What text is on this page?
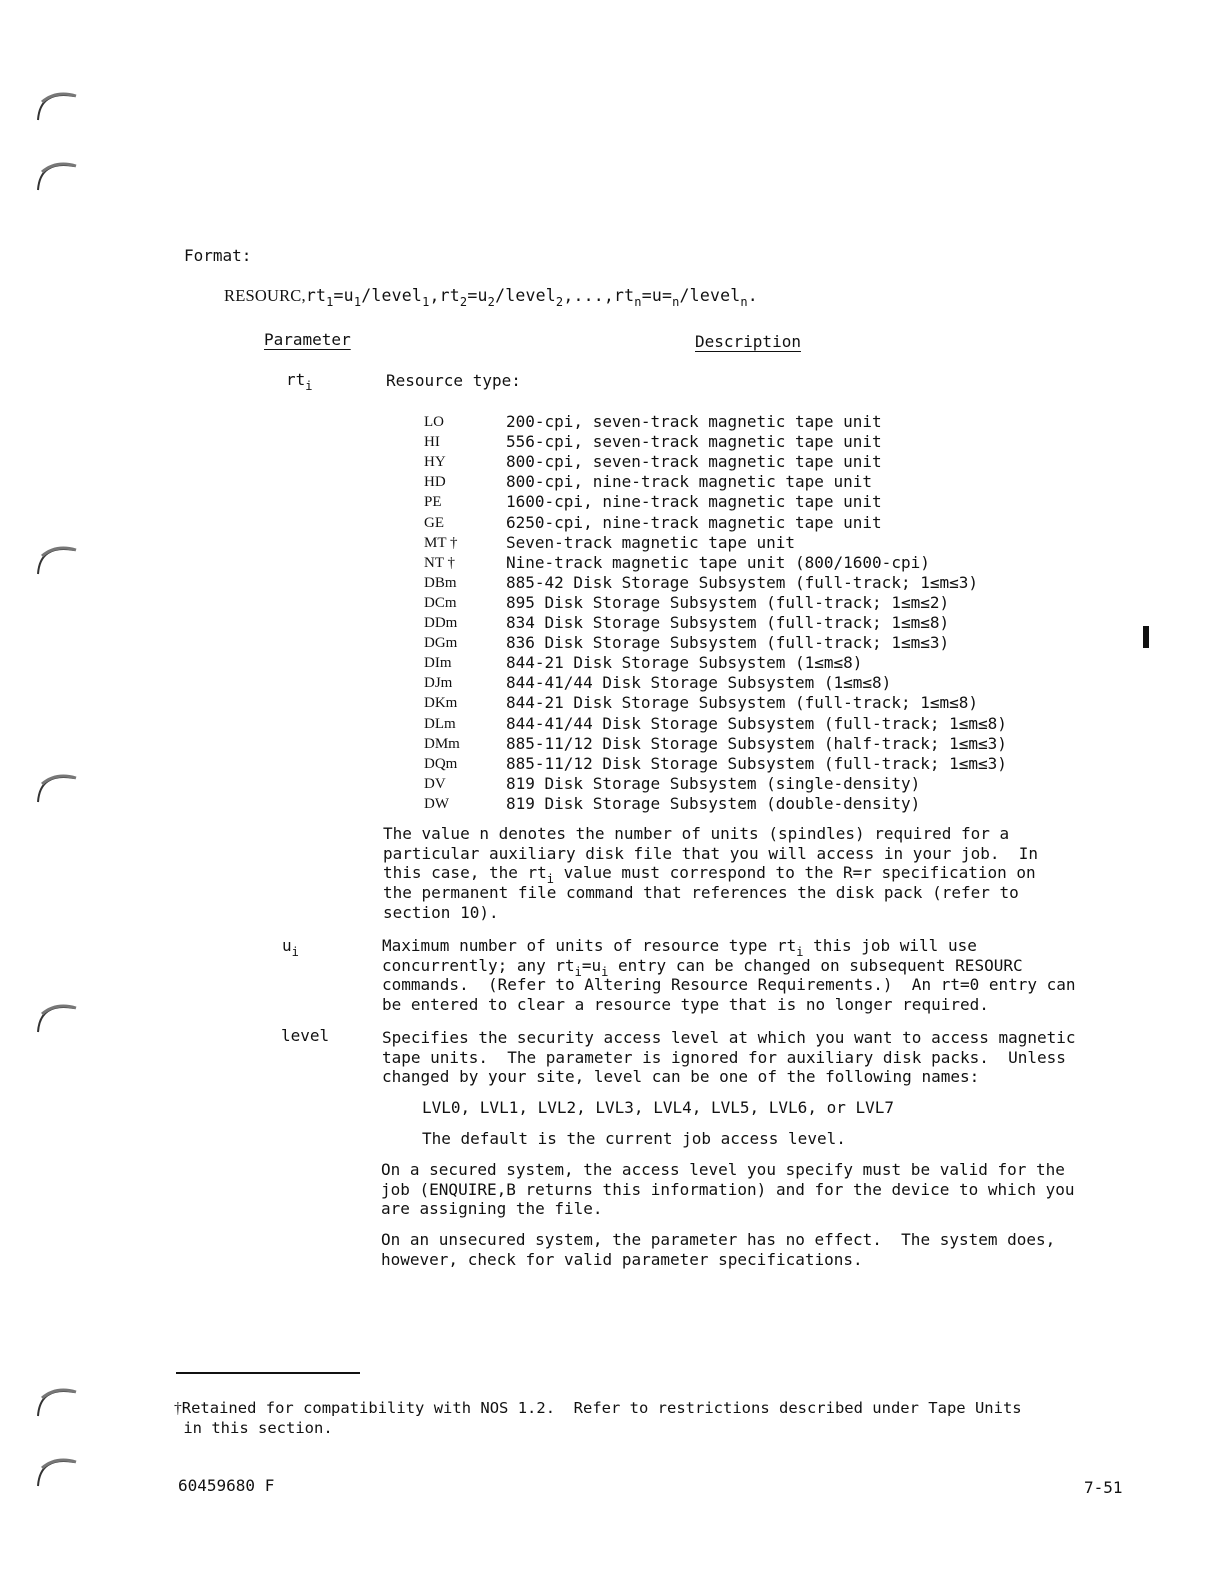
Format:
$RESOURC,rt_1=u_1/level_1,rt_2=u_2/level_2,...,rt_n=u=_n/level_n$.
Parameter	Description
$rt_i$	Resource type:
LO	200-cpi, seven-track magnetic tape unit
HI	556-cpi, seven-track magnetic tape unit
HY	800-cpi, seven-track magnetic tape unit
HD	800-cpi, nine-track magnetic tape unit
PE	1600-cpi, nine-track magnetic tape unit
GE	6250-cpi, nine-track magnetic tape unit
MT †	Seven-track magnetic tape unit
NT †	Nine-track magnetic tape unit (800/1600-cpi)
DBm	885-42 Disk Storage Subsystem (full-track; 1≤m≤3)
DCm	895 Disk Storage Subsystem (full-track; 1≤m≤2)
DDm	834 Disk Storage Subsystem (full-track; 1≤m≤8)
DGm	836 Disk Storage Subsystem (full-track; 1≤m≤3)
DIm	844-21 Disk Storage Subsystem (1≤m≤8)
DJm	844-41/44 Disk Storage Subsystem (1≤m≤8)
DKm	844-21 Disk Storage Subsystem (full-track; 1≤m≤8)
DLm	844-41/44 Disk Storage Subsystem (full-track; 1≤m≤8)
DMm	885-11/12 Disk Storage Subsystem (half-track; 1≤m≤3)
DQm	885-11/12 Disk Storage Subsystem (full-track; 1≤m≤3)
DV	819 Disk Storage Subsystem (single-density)
DW	819 Disk Storage Subsystem (double-density)
The value n denotes the number of units (spindles) required for a
particular auxiliary disk file that you will access in your job.  In
this case, the $rt_i$ value must correspond to the R=r specification on
the permanent file command that references the disk pack (refer to
section 10).
$u_i$	Maximum number of units of resource type $rt_i$ this job will use
concurrently; any $rt_i=u_i$ entry can be changed on subsequent RESOURC
commands.  (Refer to Altering Resource Requirements.)  An rt=0 entry can
be entered to clear a resource type that is no longer required.
level	Specifies the security access level at which you want to access magnetic
tape units.  The parameter is ignored for auxiliary disk packs.  Unless
changed by your site, level can be one of the following names:
LVL0, LVL1, LVL2, LVL3, LVL4, LVL5, LVL6, or LVL7
The default is the current job access level.
On a secured system, the access level you specify must be valid for the
job (ENQUIRE,B returns this information) and for the device to which you
are assigning the file.
On an unsecured system, the parameter has no effect.  The system does,
however, check for valid parameter specifications.
†Retained for compatibility with NOS 1.2.  Refer to restrictions described under Tape Units
in this section.
60459680 F	7-51
